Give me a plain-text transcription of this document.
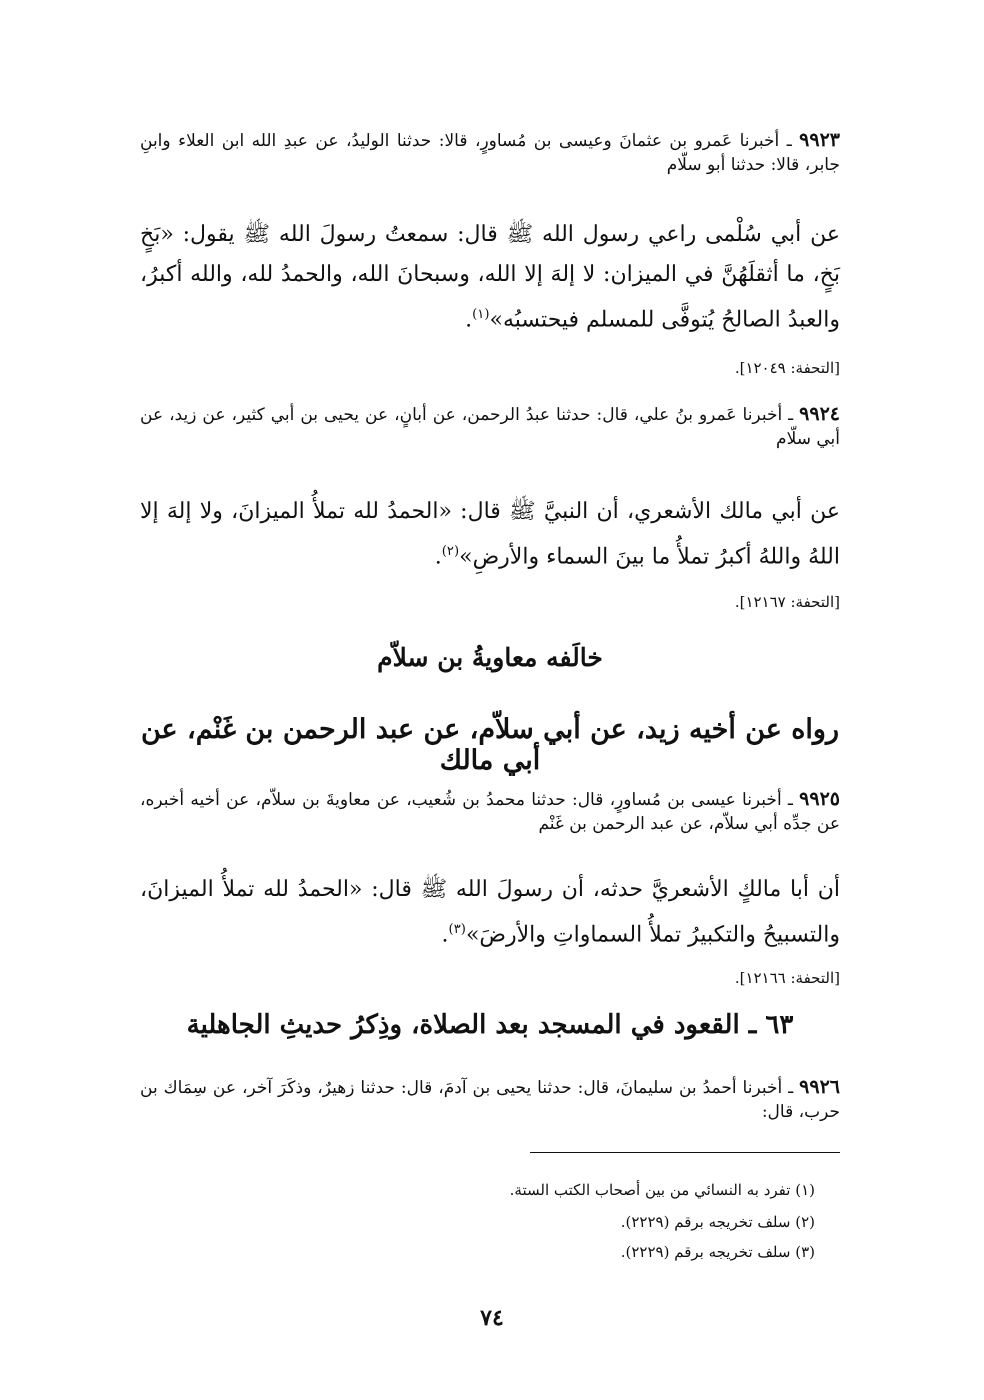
٩٩٢٣ ـ أخبرنا عَمرو بن عثمانَ وعيسى بن مُساورٍ، قالا: حدثنا الوليدُ، عن عبدِ الله ابن العلاء وابنِ جابر، قالا: حدثنا أبو سلّام
عن أبي سُلْمى راعي رسول الله ﷺ قال: سمعتُ رسولَ الله ﷺ يقول: «بَخٍ بَخٍ، ما أثقلَهُنَّ في الميزان: لا إلهَ إلا الله، وسبحانَ الله، والحمدُ لله، والله أكبرُ، والعبدُ الصالحُ يُتوفَّى للمسلم فيحتسبُه»$^{(١)}$.
[التحفة: ١٢٠٤٩].
٩٩٢٤ ـ أخبرنا عَمرو بنُ علي، قال: حدثنا عبدُ الرحمن، عن أبانٍ، عن يحيى بن أبي كثير، عن زيد، عن أبي سلّام
عن أبي مالك الأشعري، أن النبيَّ ﷺ قال: «الحمدُ لله تملأُ الميزانَ، ولا إلهَ إلا اللهُ واللهُ أكبرُ تملأُ ما بينَ السماء والأرضِ»$^{(٢)}$.
[التحفة: ١٢١٦٧].
خالَفه معاويةُ بن سلاّم
رواه عن أخيه زيد، عن أبي سلاّم، عن عبد الرحمن بن غَنْم، عن أبي مالك
٩٩٢٥ ـ أخبرنا عيسى بن مُساورٍ، قال: حدثنا محمدُ بن شُعيب، عن معاويةَ بن سلاّم، عن أخيه أخبره، عن جدِّه أبي سلاّم، عن عبد الرحمن بن غَنْم
أن أبا مالكٍ الأشعريَّ حدثه، أن رسولَ الله ﷺ قال: «الحمدُ لله تملأُ الميزانَ، والتسبيحُ والتكبيرُ تملأُ السماواتِ والأرضَ»$^{(٣)}$.
[التحفة: ١٢١٦٦].
٦٣ ـ القعود في المسجد بعد الصلاة، وذِكرُ حديثِ الجاهلية
٩٩٢٦ ـ أخبرنا أحمدُ بن سليمانَ، قال: حدثنا يحيى بن آدمَ، قال: حدثنا زهيرٌ، وذكَرَ آخر، عن سِمَاك بن حرب، قال:
(١) تفرد به النسائي من بين أصحاب الكتب الستة.
(٢) سلف تخريجه برقم (٢٢٢٩).
(٣) سلف تخريجه برقم (٢٢٢٩).
٧٤
